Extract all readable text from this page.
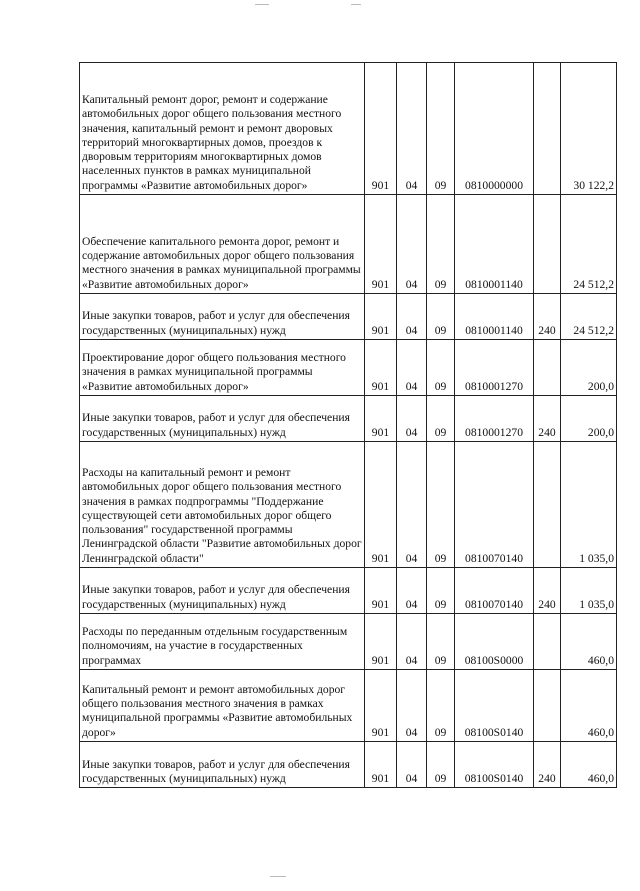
Капитальный ремонт дорог, ремонт и содержание автомобильных дорог общего пользования местного значения, капитальный ремонт и ремонт дворовых территорий многоквартирных домов, проездов к дворовым территориям многоквартирных домов населенных пунктов в рамках муниципальной программы «Развитие автомобильных дорог»	901	04	09	0810000000		30 122,2

Обеспечение капитального ремонта дорог, ремонт и содержание автомобильных дорог общего пользования местного значения в рамках муниципальной программы «Развитие автомобильных дорог»	901	04	09	0810001140		24 512,2

Иные закупки товаров, работ и услуг для обеспечения государственных (муниципальных) нужд	901	04	09	0810001140	240	24 512,2

Проектирование дорог общего пользования местного значения в рамках муниципальной программы «Развитие автомобильных дорог»	901	04	09	0810001270		200,0

Иные закупки товаров, работ и услуг для обеспечения государственных (муниципальных) нужд	901	04	09	0810001270	240	200,0

Расходы на капитальный ремонт и ремонт автомобильных дорог общего пользования местного значения в рамках подпрограммы "Поддержание существующей сети автомобильных дорог общего пользования" государственной программы Ленинградской области "Развитие автомобильных дорог Ленинградской области"	901	04	09	0810070140		1 035,0

Иные закупки товаров, работ и услуг для обеспечения государственных (муниципальных) нужд	901	04	09	0810070140	240	1 035,0

Расходы по переданным отдельным государственным полномочиям, на участие в государственных программах	901	04	09	08100S0000		460,0

Капитальный ремонт и ремонт автомобильных дорог общего пользования местного значения в рамках муниципальной программы «Развитие автомобильных дорог»	901	04	09	08100S0140		460,0

Иные закупки товаров, работ и услуг для обеспечения государственных (муниципальных) нужд	901	04	09	08100S0140	240	460,0
